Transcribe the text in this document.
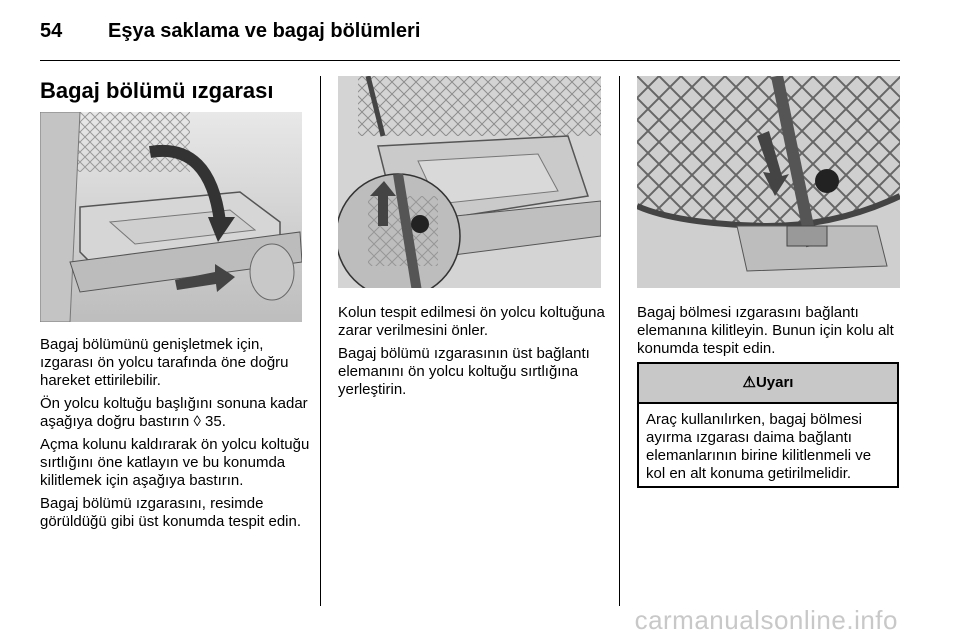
54 Eşya saklama ve bagaj bölümleri
Bagaj bölümü ızgarası

Bagaj bölümünü genişletmek için, ızgarası ön yolcu tarafında öne doğru hareket ettirilebilir.

Ön yolcu koltuğu başlığını sonuna kadar aşağıya doğru bastırın ◊ 35.

Açma kolunu kaldırarak ön yolcu koltuğu sırtlığını öne katlayın ve bu konumda kilitlemek için aşağıya bastırın.

Bagaj bölümü ızgarasını, resimde görüldüğü gibi üst konumda tespit edin.

Kolun tespit edilmesi ön yolcu koltuğuna zarar verilmesini önler.

Bagaj bölümü ızgarasının üst bağlantı elemanını ön yolcu koltuğu sırtlığına yerleştirin.

Bagaj bölmesi ızgarasını bağlantı elemanına kilitleyin. Bunun için kolu alt konumda tespit edin.

⚠Uyarı
Araç kullanılırken, bagaj bölmesi ayırma ızgarası daima bağlantı elemanlarının birine kilitlenmeli ve kol en alt konuma getirilmelidir.
carmanualsonline.info
